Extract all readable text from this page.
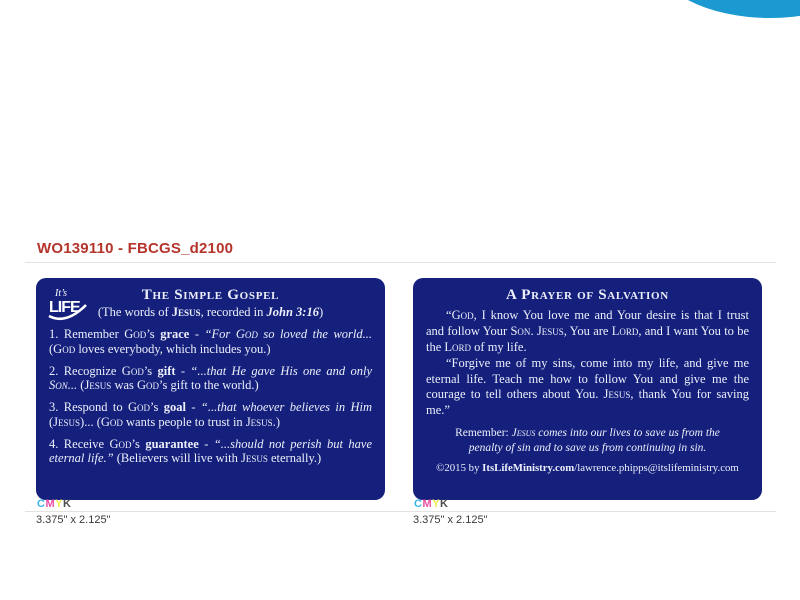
WO139110 - FBCGS_d2100
It’s
LIFE
The Simple Gospel
(The words of Jesus, recorded in John 3:16)

1. Remember God’s grace - “For God so loved the world... (God loves everybody, which includes you.)

2. Recognize God’s gift - “...that He gave His one and only Son... (Jesus was God’s gift to the world.)

3. Respond to God’s goal - “...that whoever believes in Him (Jesus)... (God wants people to trust in Jesus.)

4. Receive God’s guarantee - “...should not perish but have eternal life.” (Believers will live with Jesus eternally.)

A Prayer of Salvation

“God, I know You love me and Your desire is that I trust and follow Your Son. Jesus, You are Lord, and I want You to be the Lord of my life.

“Forgive me of my sins, come into my life, and give me eternal life. Teach me how to follow You and give me the courage to tell others about You. Jesus, thank You for saving me.”

Remember: Jesus comes into our lives to save us from the penalty of sin and to save us from continuing in sin.

©2015 by ItsLifeMinistry.com/lawrence.phipps@itslifeministry.com

CMYK	CMYK
3.375" x 2.125"	3.375" x 2.125"
